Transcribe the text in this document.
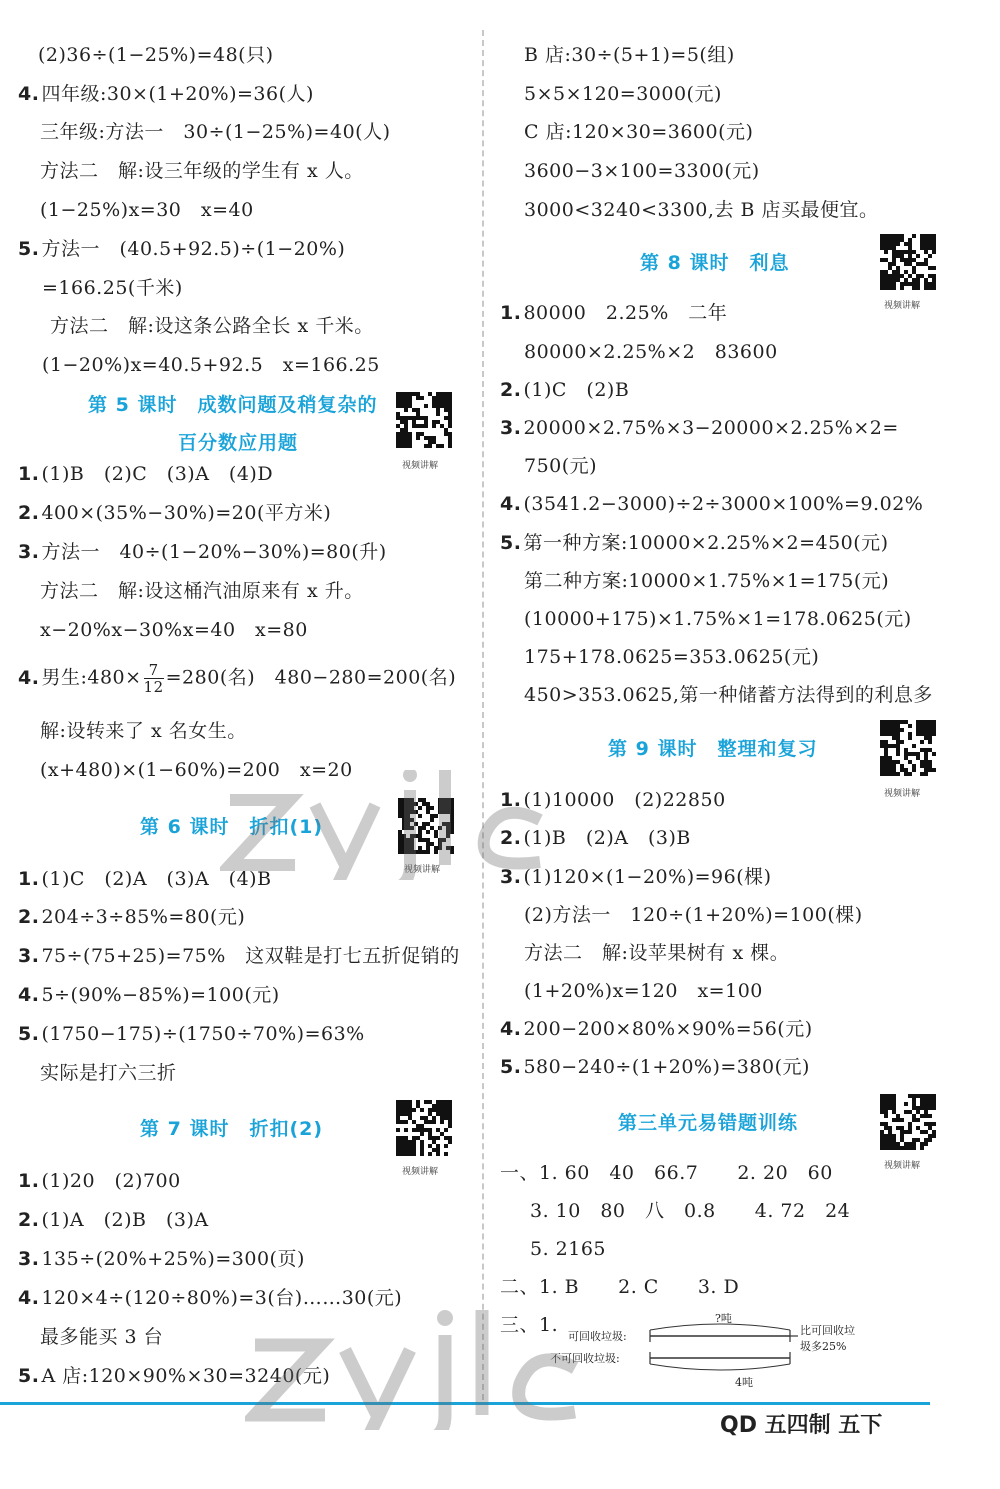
(2)36÷(1−25%)=48(只)
4. 四年级:30×(1+20%)=36(人)
三年级:方法一　30÷(1−25%)=40(人)
方法二　解:设三年级的学生有 x 人。
(1−25%)x=30　x=40
5. 方法一　(40.5+92.5)÷(1−20%)
=166.25(千米)
方法二　解:设这条公路全长 x 千米。
(1−20%)x=40.5+92.5　x=166.25
第 5 课时　成数问题及稍复杂的
百分数应用题
1. (1)B　(2)C　(3)A　(4)D
2. 400×(35%−30%)=20(平方米)
3. 方法一　40÷(1−20%−30%)=80(升)
方法二　解:设这桶汽油原来有 x 升。
x−20%x−30%x=40　x=80
4. 男生:480× $\frac{7}{12} =280$(名)　480−280=200(名)
解:设转来了 x 名女生。
(x+480)×(1−60%)=200　x=20
第 6 课时　折扣(1)
1. (1)C　(2)A　(3)A　(4)B
2. 204÷3÷85%=80(元)
3. 75÷(75+25)=75%　这双鞋是打七五折促销的
4. 5÷(90%−85%)=100(元)
5. (1750−175)÷(1750÷70%)=63%
实际是打六三折
第 7 课时　折扣(2)
1. (1)20　(2)700
2. (1)A　(2)B　(3)A
3. 135÷(20%+25%)=300(页)
4. 120×4÷(120÷80%)=3(台)……30(元)
最多能买 3 台
5. A 店:120×90%×30=3240(元)
B 店:30÷(5+1)=5(组)
5×5×120=3000(元)
C 店:120×30=3600(元)
3600−3×100=3300(元)
3000<3240<3300,去 B 店买最便宜。
第 8 课时　利息
1. 80000　2.25%　二年
80000×2.25%×2　83600
2. (1)C　(2)B
3. 20000×2.75%×3−20000×2.25%×2=
750(元)
4. (3541.2−3000)÷2÷3000×100%=9.02%
5. 第一种方案:10000×2.25%×2=450(元)
第二种方案:10000×1.75%×1=175(元)
(10000+175)×1.75%×1=178.0625(元)
175+178.0625=353.0625(元)
450>353.0625,第一种储蓄方法得到的利息多
第 9 课时　整理和复习
1. (1)10000　(2)22850
2. (1)B　(2)A　(3)B
3. (1)120×(1−20%)=96(棵)
(2)方法一　120÷(1+20%)=100(棵)
方法二　解:设苹果树有 x 棵。
(1+20%)x=120　x=100
4. 200−200×80%×90%=56(元)
5. 580−240÷(1+20%)=380(元)
第三单元易错题训练
一、1. 60　40　66.7　　2. 20　60
3. 10　80　八　0.8　　4. 72　24
5. 2165
二、1. B　　2. C　　3. D
三、1.
视频讲解
视频讲解
视频讲解
视频讲解
视频讲解
视频讲解
可回收垃圾:
不可回收垃圾:
?吨
4吨
比可回收垃
圾多25%
QD 五四制 五下
